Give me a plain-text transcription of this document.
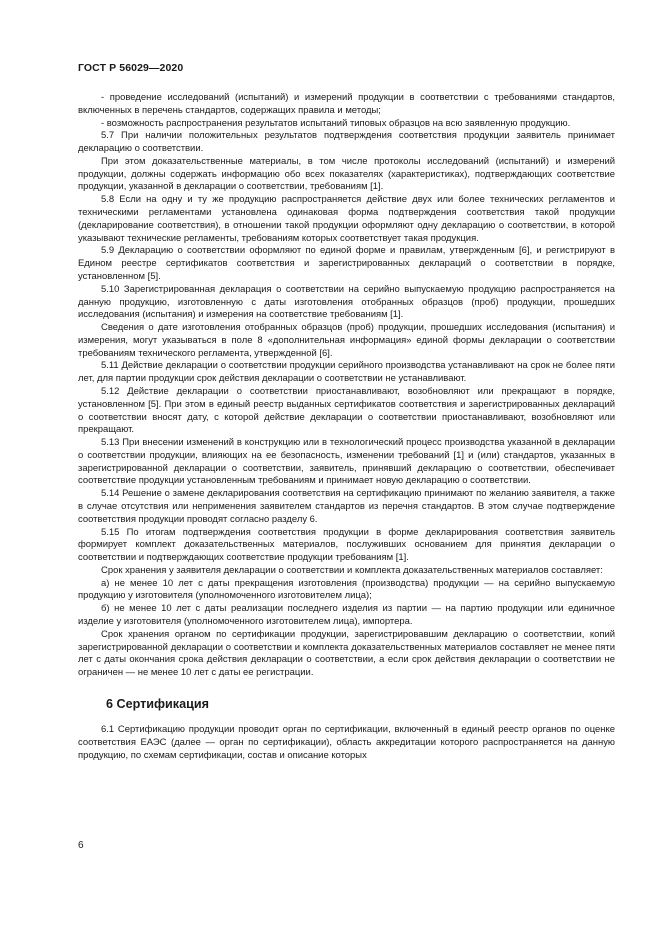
ГОСТ Р 56029—2020

- проведение исследований (испытаний) и измерений продукции в соответствии с требованиями стандартов, включенных в перечень стандартов, содержащих правила и методы;

- возможность распространения результатов испытаний типовых образцов на всю заявленную продукцию.

5.7 При наличии положительных результатов подтверждения соответствия продукции заявитель принимает декларацию о соответствии.

При этом доказательственные материалы, в том числе протоколы исследований (испытаний) и измерений продукции, должны содержать информацию обо всех показателях (характеристиках), подтверждающих соответствие продукции, указанной в декларации о соответствии, требованиям [1].

5.8 Если на одну и ту же продукцию распространяется действие двух или более технических регламентов и техническими регламентами установлена одинаковая форма подтверждения соответствия такой продукции (декларирование соответствия), в отношении такой продукции оформляют одну декларацию о соответствии, в которой указывают технические регламенты, требованиям которых соответствует такая продукция.

5.9 Декларацию о соответствии оформляют по единой форме и правилам, утвержденным [6], и регистрируют в Едином реестре сертификатов соответствия и зарегистрированных деклараций о соответствии в порядке, установленном [5].

5.10 Зарегистрированная декларация о соответствии на серийно выпускаемую продукцию распространяется на данную продукцию, изготовленную с даты изготовления отобранных образцов (проб) продукции, прошедших исследования (испытания) и измерения на соответствие требованиям [1].

Сведения о дате изготовления отобранных образцов (проб) продукции, прошедших исследования (испытания) и измерения, могут указываться в поле 8 «дополнительная информация» единой формы декларации о соответствии требованиям технического регламента, утвержденной [6].

5.11 Действие декларации о соответствии продукции серийного производства устанавливают на срок не более пяти лет, для партии продукции срок действия декларации о соответствии не устанавливают.

5.12 Действие декларации о соответствии приостанавливают, возобновляют или прекращают в порядке, установленном [5]. При этом в единый реестр выданных сертификатов соответствия и зарегистрированных деклараций о соответствии вносят дату, с которой действие декларации о соответствии приостанавливают, возобновляют или прекращают.

5.13 При внесении изменений в конструкцию или в технологический процесс производства указанной в декларации о соответствии продукции, влияющих на ее безопасность, изменении требований [1] и (или) стандартов, указанных в зарегистрированной декларации о соответствии, заявитель, принявший декларацию о соответствии, обеспечивает соответствие продукции установленным требованиям и принимает новую декларацию о соответствии.

5.14 Решение о замене декларирования соответствия на сертификацию принимают по желанию заявителя, а также в случае отсутствия или неприменения заявителем стандартов из перечня стандартов. В этом случае подтверждение соответствия продукции проводят согласно разделу 6.

5.15 По итогам подтверждения соответствия продукции в форме декларирования соответствия заявитель формирует комплект доказательственных материалов, послуживших основанием для принятия декларации о соответствии и подтверждающих соответствие продукции требованиям [1].

Срок хранения у заявителя декларации о соответствии и комплекта доказательственных материалов составляет:

а) не менее 10 лет с даты прекращения изготовления (производства) продукции — на серийно выпускаемую продукцию у изготовителя (уполномоченного изготовителем лица);

б) не менее 10 лет с даты реализации последнего изделия из партии — на партию продукции или единичное изделие у изготовителя (уполномоченного изготовителем лица), импортера.

Срок хранения органом по сертификации продукции, зарегистрировавшим декларацию о соответствии, копий зарегистрированной декларации о соответствии и комплекта доказательственных материалов составляет не менее пяти лет с даты окончания срока действия декларации о соответствии, а если срок действия декларации о соответствии не ограничен — не менее 10 лет с даты ее регистрации.

6 Сертификация

6.1 Сертификацию продукции проводит орган по сертификации, включенный в единый реестр органов по оценке соответствия ЕАЭС (далее — орган по сертификации), область аккредитации которого распространяется на данную продукцию, по схемам сертификации, состав и описание которых

6
